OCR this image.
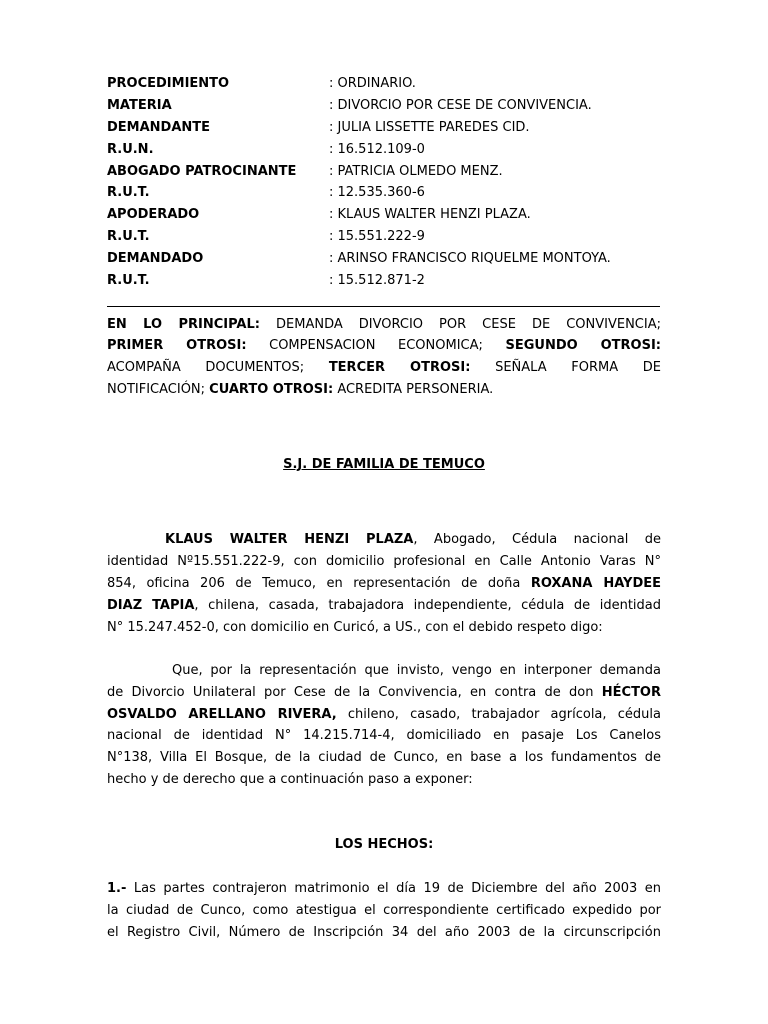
PROCEDIMIENTO	: ORDINARIO.
MATERIA	: DIVORCIO POR CESE DE CONVIVENCIA.
DEMANDANTE	: JULIA LISSETTE PAREDES CID.
R.U.N.	: 16.512.109-0
ABOGADO PATROCINANTE	: PATRICIA OLMEDO MENZ.
R.U.T.	: 12.535.360-6
APODERADO	: KLAUS WALTER HENZI PLAZA.
R.U.T.	: 15.551.222-9
DEMANDADO	: ARINSO FRANCISCO RIQUELME MONTOYA.
R.U.T.	: 15.512.871-2
EN LO PRINCIPAL: DEMANDA DIVORCIO POR CESE DE CONVIVENCIA;
PRIMER OTROSI: COMPENSACION ECONOMICA; SEGUNDO OTROSI:
ACOMPAÑA DOCUMENTOS; TERCER OTROSI: SEÑALA FORMA DE
NOTIFICACIÓN; CUARTO OTROSI: ACREDITA PERSONERIA.
S.J. DE FAMILIA DE TEMUCO
KLAUS WALTER HENZI PLAZA, Abogado, Cédula nacional de
identidad Nº15.551.222-9, con domicilio profesional en Calle Antonio Varas N°
854, oficina 206 de Temuco, en representación de doña ROXANA HAYDEE
DIAZ TAPIA, chilena, casada, trabajadora independiente, cédula de identidad
N° 15.247.452-0, con domicilio en Curicó, a US., con el debido respeto digo:
Que, por la representación que invisto, vengo en interponer demanda
de Divorcio Unilateral por Cese de la Convivencia, en contra de don HÉCTOR
OSVALDO ARELLANO RIVERA, chileno, casado, trabajador agrícola, cédula
nacional de identidad N° 14.215.714-4, domiciliado en pasaje Los Canelos
N°138, Villa El Bosque, de la ciudad de Cunco, en base a los fundamentos de
hecho y de derecho que a continuación paso a exponer:
LOS HECHOS:
1.- Las partes contrajeron matrimonio el día 19 de Diciembre del año 2003 en
la ciudad de Cunco, como atestigua el correspondiente certificado expedido por
el Registro Civil, Número de Inscripción 34 del año 2003 de la circunscripción
